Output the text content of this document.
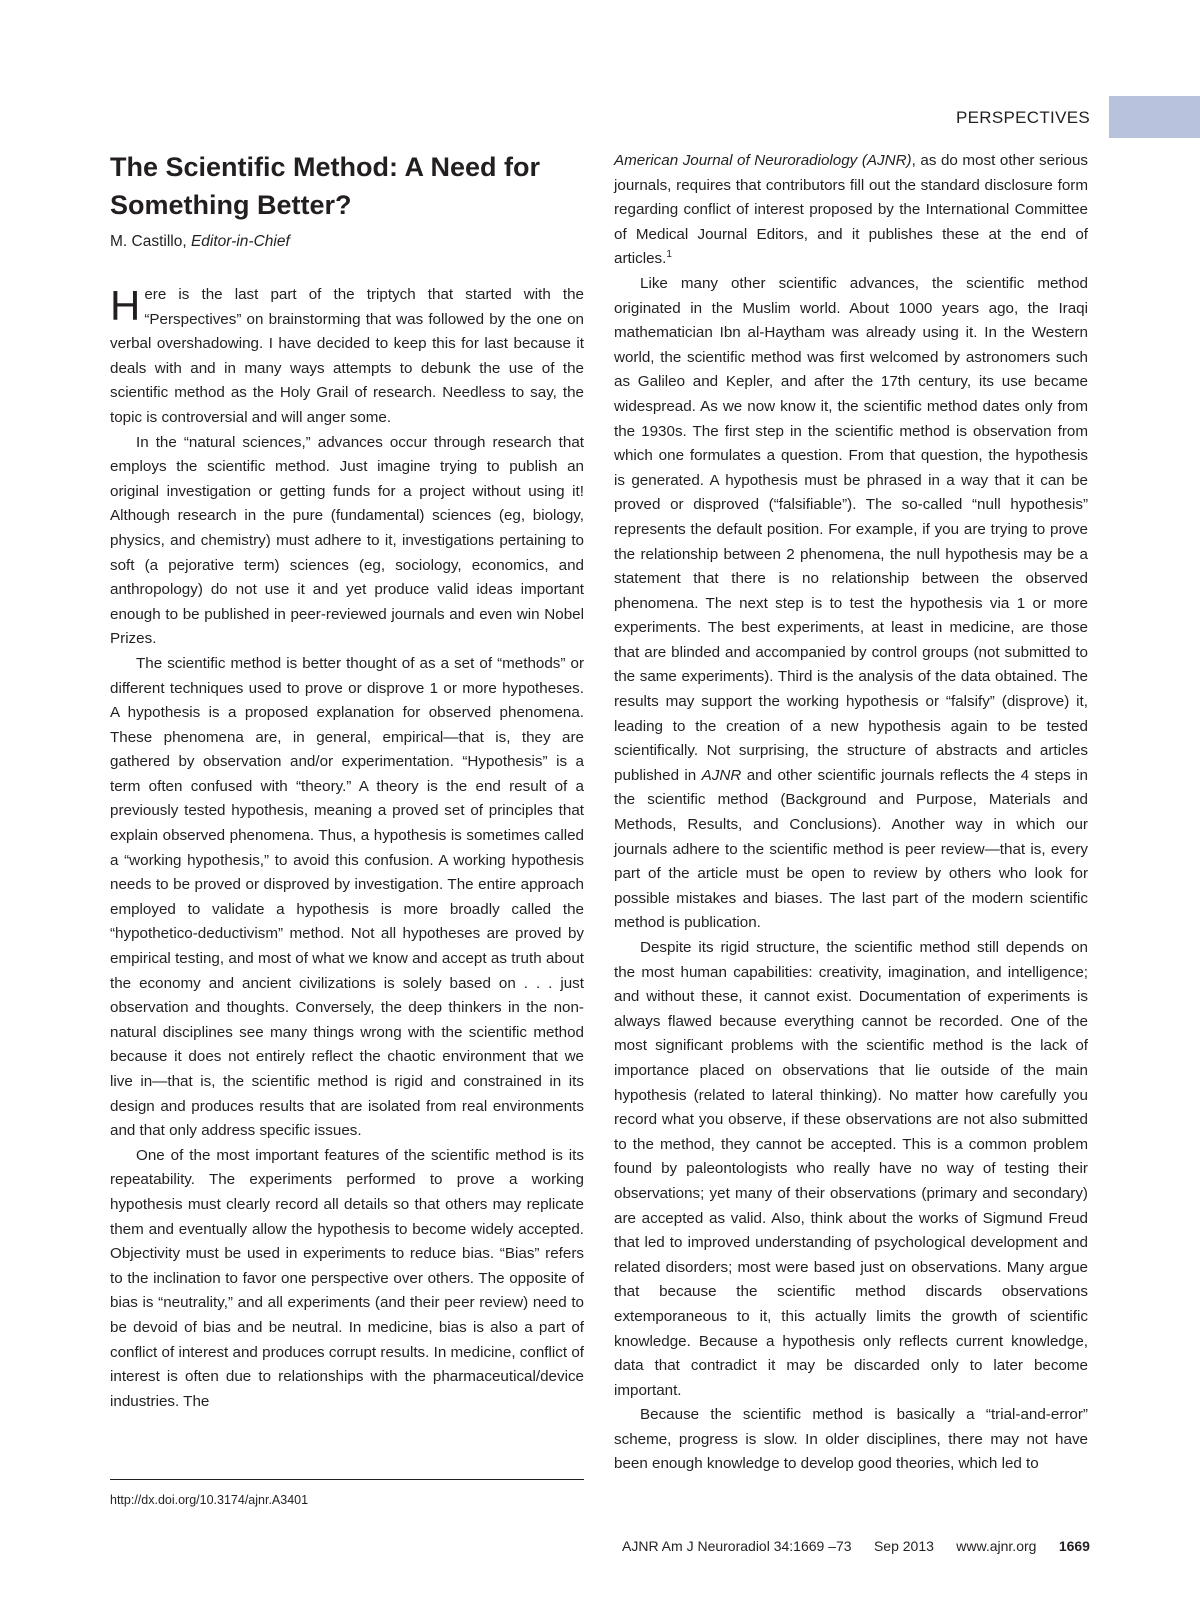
PERSPECTIVES
The Scientific Method: A Need for Something Better?
M. Castillo, Editor-in-Chief

Here is the last part of the triptych that started with the “Perspectives” on brainstorming that was followed by the one on verbal overshadowing. I have decided to keep this for last because it deals with and in many ways attempts to debunk the use of the scientific method as the Holy Grail of research. Needless to say, the topic is controversial and will anger some.

In the “natural sciences,” advances occur through research that employs the scientific method. Just imagine trying to publish an original investigation or getting funds for a project without using it! Although research in the pure (fundamental) sciences (eg, biology, physics, and chemistry) must adhere to it, investigations pertaining to soft (a pejorative term) sciences (eg, sociology, economics, and anthropology) do not use it and yet produce valid ideas important enough to be published in peer-reviewed journals and even win Nobel Prizes.

The scientific method is better thought of as a set of “methods” or different techniques used to prove or disprove 1 or more hypotheses. A hypothesis is a proposed explanation for observed phenomena. These phenomena are, in general, empirical—that is, they are gathered by observation and/or experimentation. “Hypothesis” is a term often confused with “theory.” A theory is the end result of a previously tested hypothesis, meaning a proved set of principles that explain observed phenomena. Thus, a hypothesis is sometimes called a “working hypothesis,” to avoid this confusion. A working hypothesis needs to be proved or disproved by investigation. The entire approach employed to validate a hypothesis is more broadly called the “hypothetico-deductivism” method. Not all hypotheses are proved by empirical testing, and most of what we know and accept as truth about the economy and ancient civilizations is solely based on . . . just observation and thoughts. Conversely, the deep thinkers in the non-natural disciplines see many things wrong with the scientific method because it does not entirely reflect the chaotic environment that we live in—that is, the scientific method is rigid and constrained in its design and produces results that are isolated from real environments and that only address specific issues.

One of the most important features of the scientific method is its repeatability. The experiments performed to prove a working hypothesis must clearly record all details so that others may replicate them and eventually allow the hypothesis to become widely accepted. Objectivity must be used in experiments to reduce bias. “Bias” refers to the inclination to favor one perspective over others. The opposite of bias is “neutrality,” and all experiments (and their peer review) need to be devoid of bias and be neutral. In medicine, bias is also a part of conflict of interest and produces corrupt results. In medicine, conflict of interest is often due to relationships with the pharmaceutical/device industries. The

American Journal of Neuroradiology (AJNR), as do most other serious journals, requires that contributors fill out the standard disclosure form regarding conflict of interest proposed by the International Committee of Medical Journal Editors, and it publishes these at the end of articles.$^1$

Like many other scientific advances, the scientific method originated in the Muslim world. About 1000 years ago, the Iraqi mathematician Ibn al-Haytham was already using it. In the Western world, the scientific method was first welcomed by astronomers such as Galileo and Kepler, and after the 17th century, its use became widespread. As we now know it, the scientific method dates only from the 1930s. The first step in the scientific method is observation from which one formulates a question. From that question, the hypothesis is generated. A hypothesis must be phrased in a way that it can be proved or disproved (“falsifiable”). The so-called “null hypothesis” represents the default position. For example, if you are trying to prove the relationship between 2 phenomena, the null hypothesis may be a statement that there is no relationship between the observed phenomena. The next step is to test the hypothesis via 1 or more experiments. The best experiments, at least in medicine, are those that are blinded and accompanied by control groups (not submitted to the same experiments). Third is the analysis of the data obtained. The results may support the working hypothesis or “falsify” (disprove) it, leading to the creation of a new hypothesis again to be tested scientifically. Not surprising, the structure of abstracts and articles published in AJNR and other scientific journals reflects the 4 steps in the scientific method (Background and Purpose, Materials and Methods, Results, and Conclusions). Another way in which our journals adhere to the scientific method is peer review—that is, every part of the article must be open to review by others who look for possible mistakes and biases. The last part of the modern scientific method is publication.

Despite its rigid structure, the scientific method still depends on the most human capabilities: creativity, imagination, and intelligence; and without these, it cannot exist. Documentation of experiments is always flawed because everything cannot be recorded. One of the most significant problems with the scientific method is the lack of importance placed on observations that lie outside of the main hypothesis (related to lateral thinking). No matter how carefully you record what you observe, if these observations are not also submitted to the method, they cannot be accepted. This is a common problem found by paleontologists who really have no way of testing their observations; yet many of their observations (primary and secondary) are accepted as valid. Also, think about the works of Sigmund Freud that led to improved understanding of psychological development and related disorders; most were based just on observations. Many argue that because the scientific method discards observations extemporaneous to it, this actually limits the growth of scientific knowledge. Because a hypothesis only reflects current knowledge, data that contradict it may be discarded only to later become important.

Because the scientific method is basically a “trial-and-error” scheme, progress is slow. In older disciplines, there may not have been enough knowledge to develop good theories, which led to

http://dx.doi.org/10.3174/ajnr.A3401
AJNR Am J Neuroradiol 34:1669 –73 Sep 2013 www.ajnr.org 1669
